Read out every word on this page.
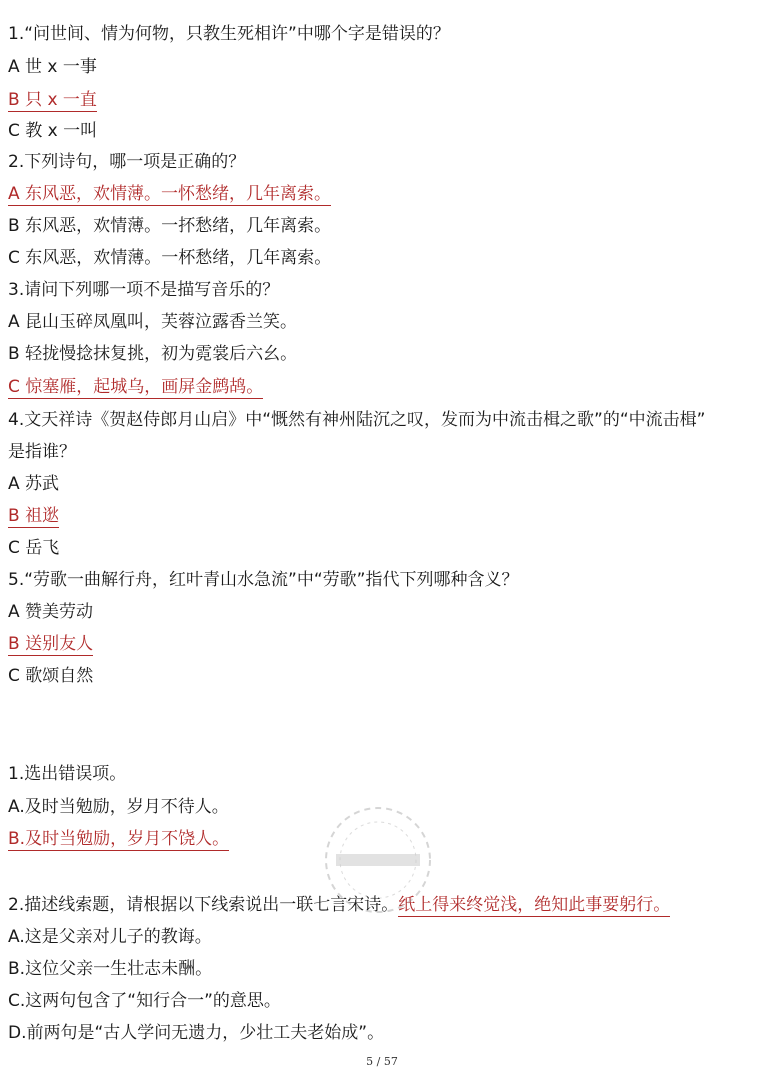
1.“问世间、情为何物，只教生死相许”中哪个字是错误的？
A 世 x 一事
B 只 x 一直
C 教 x 一叫
2.下列诗句，哪一项是正确的？
A 东风恶，欢情薄。一怀愁绪，几年离索。
B 东风恶，欢情薄。一抔愁绪，几年离索。
C 东风恶，欢情薄。一杯愁绪，几年离索。
3.请问下列哪一项不是描写音乐的？
A 昆山玉碎凤凰叫，芙蓉泣露香兰笑。
B 轻拢慢捻抹复挑，初为霓裳后六幺。
C 惊塞雁，起城乌，画屏金鹧鸪。
4.文天祥诗《贺赵侍郎月山启》中“慨然有神州陆沉之叹，发而为中流击楫之歌”的“中流击楫”
是指谁？
A 苏武
B 祖逖
C 岳飞
5.“劳歌一曲解行舟，红叶青山水急流”中“劳歌”指代下列哪种含义？
A 赞美劳动
B 送别友人
C 歌颂自然
1.选出错误项。
A.及时当勉励，岁月不待人。
B.及时当勉励，岁月不饶人。
2.描述线索题，请根据以下线索说出一联七言宋诗。纸上得来终觉浅，绝知此事要躬行。
A.这是父亲对儿子的教诲。
B.这位父亲一生壮志未酬。
C.这两句包含了“知行合一”的意思。
D.前两句是“古人学问无遗力，少壮工夫老始成”。
5 / 57
